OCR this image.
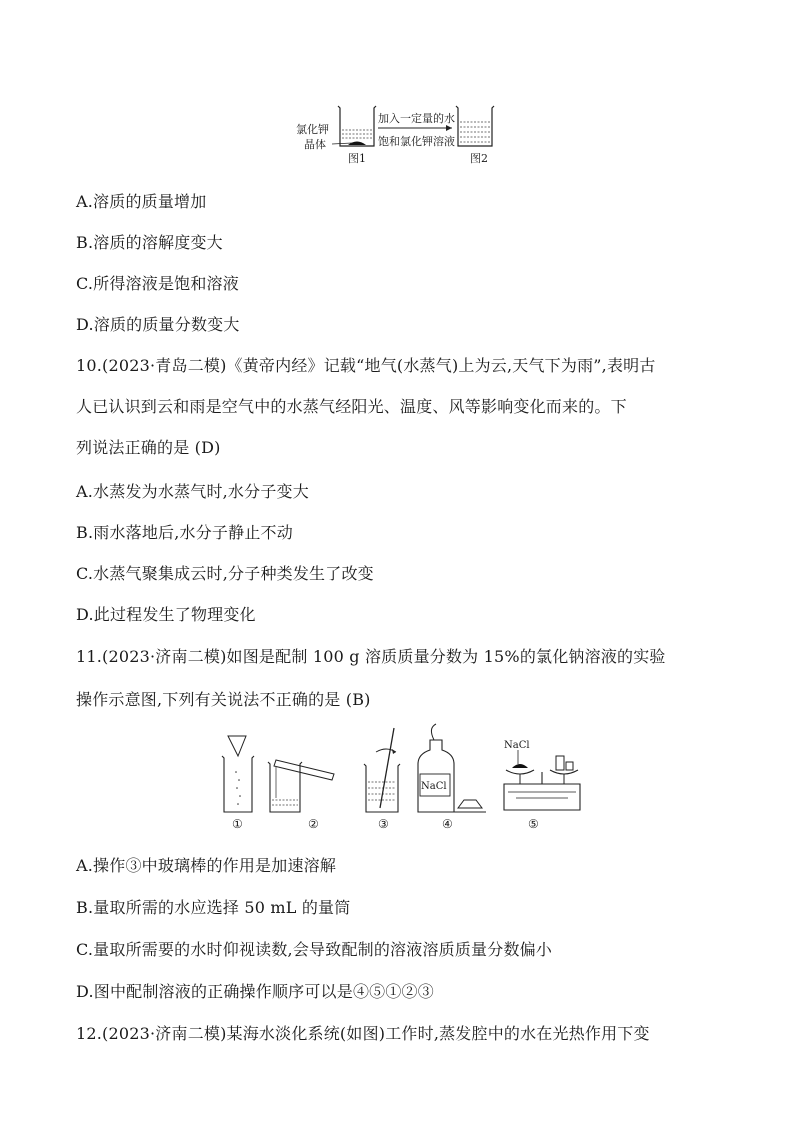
氯化钾
晶体
加入一定量的水
饱和氯化钾溶液
图1	图2
A.溶质的质量增加
B.溶质的溶解度变大
C.所得溶液是饱和溶液
D.溶质的质量分数变大
10.(2023·青岛二模)《黄帝内经》记载“地气(水蒸气)上为云,天气下为雨”,表明古
人已认识到云和雨是空气中的水蒸气经阳光、温度、风等影响变化而来的。下
列说法正确的是 (D)
A.水蒸发为水蒸气时,水分子变大
B.雨水落地后,水分子静止不动
C.水蒸气聚集成云时,分子种类发生了改变
D.此过程发生了物理变化
11.(2023·济南二模)如图是配制 100 g 溶质质量分数为 15%的氯化钠溶液的实验
操作示意图,下列有关说法不正确的是 (B)
NaCl
NaCl
①	②	③	④	⑤
A.操作③中玻璃棒的作用是加速溶解
B.量取所需的水应选择 50 mL 的量筒
C.量取所需要的水时仰视读数,会导致配制的溶液溶质质量分数偏小
D.图中配制溶液的正确操作顺序可以是④⑤①②③
12.(2023·济南二模)某海水淡化系统(如图)工作时,蒸发腔中的水在光热作用下变
